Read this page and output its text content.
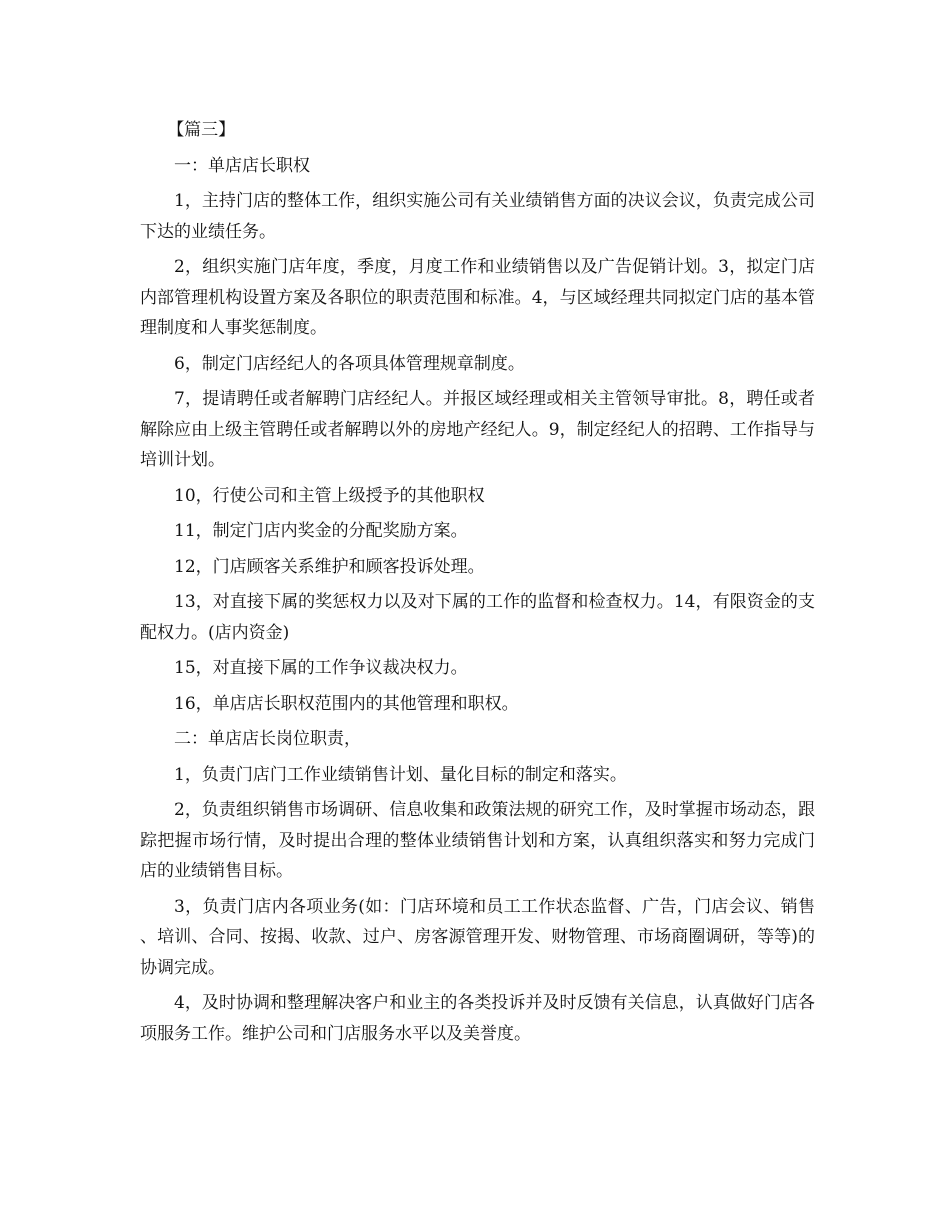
【篇三】

一：单店店长职权

1，主持门店的整体工作，组织实施公司有关业绩销售方面的决议会议，负责完成公司下达的业绩任务。

2，组织实施门店年度，季度，月度工作和业绩销售以及广告促销计划。3，拟定门店内部管理机构设置方案及各职位的职责范围和标准。4，与区域经理共同拟定门店的基本管理制度和人事奖惩制度。

6，制定门店经纪人的各项具体管理规章制度。

7，提请聘任或者解聘门店经纪人。并报区域经理或相关主管领导审批。8，聘任或者解除应由上级主管聘任或者解聘以外的房地产经纪人。9，制定经纪人的招聘、工作指导与培训计划。

10，行使公司和主管上级授予的其他职权

11，制定门店内奖金的分配奖励方案。

12，门店顾客关系维护和顾客投诉处理。

13，对直接下属的奖惩权力以及对下属的工作的监督和检查权力。14，有限资金的支配权力。(店内资金)

15，对直接下属的工作争议裁决权力。

16，单店店长职权范围内的其他管理和职权。

二：单店店长岗位职责，

1，负责门店门工作业绩销售计划、量化目标的制定和落实。

2，负责组织销售市场调研、信息收集和政策法规的研究工作，及时掌握市场动态，跟踪把握市场行情，及时提出合理的整体业绩销售计划和方案，认真组织落实和努力完成门店的业绩销售目标。

3，负责门店内各项业务(如：门店环境和员工工作状态监督、广告，门店会议、销售、培训、合同、按揭、收款、过户、房客源管理开发、财物管理、市场商圈调研，等等)的协调完成。

4，及时协调和整理解决客户和业主的各类投诉并及时反馈有关信息，认真做好门店各项服务工作。维护公司和门店服务水平以及美誉度。
